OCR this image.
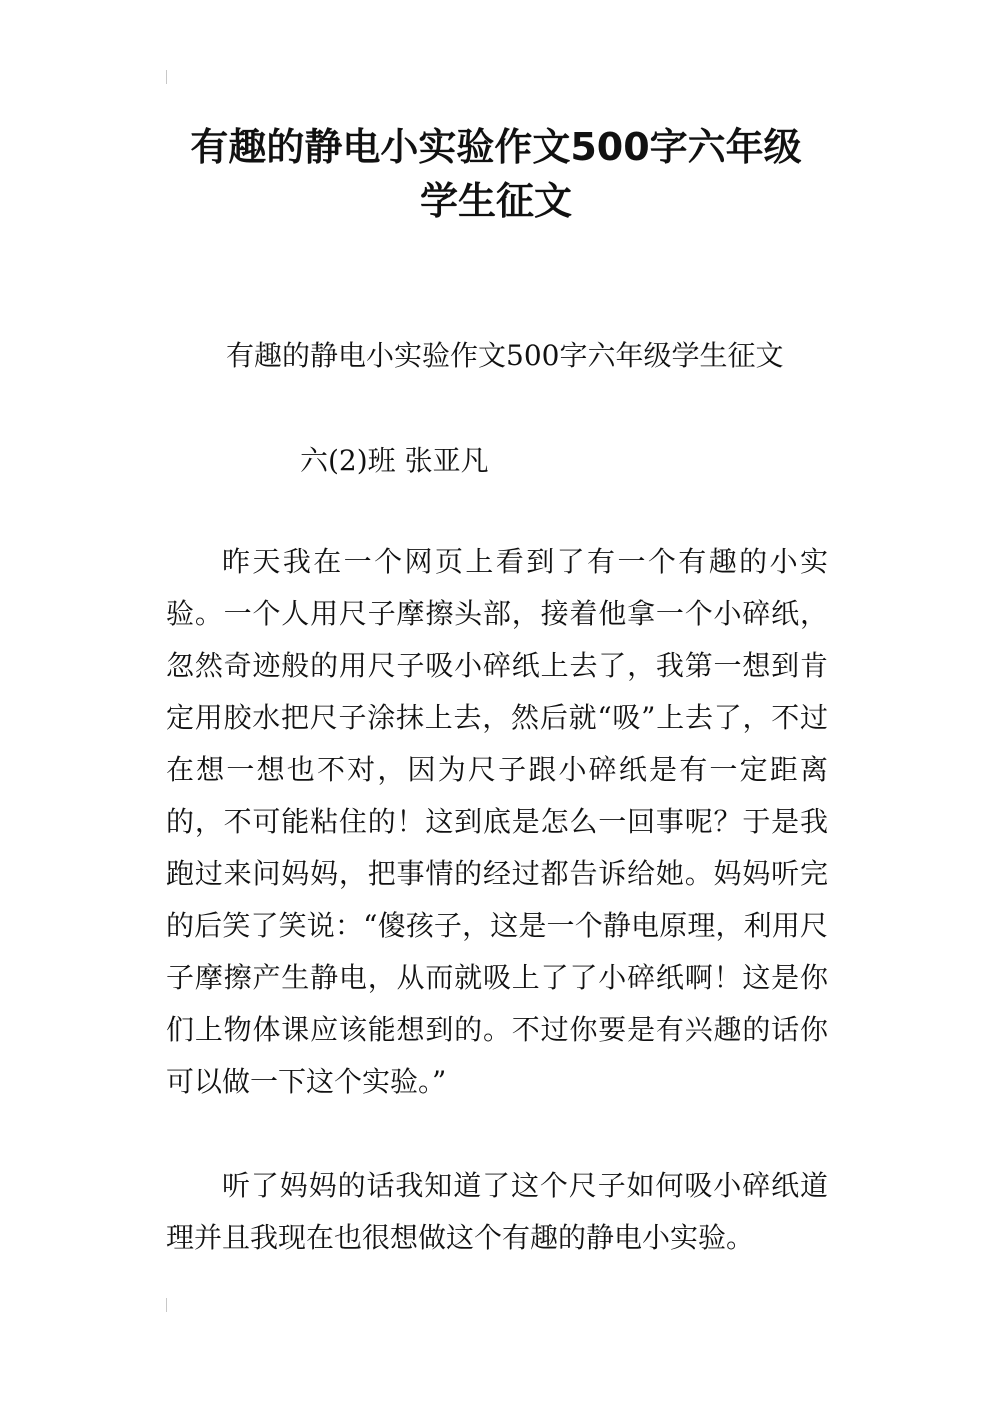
有趣的静电小实验作文500字六年级
学生征文

有趣的静电小实验作文500字六年级学生征文

六(2)班 张亚凡

昨天我在一个网页上看到了有一个有趣的小实验。一个人用尺子摩擦头部，接着他拿一个小碎纸，忽然奇迹般的用尺子吸小碎纸上去了，我第一想到肯定用胶水把尺子涂抹上去，然后就“吸”上去了，不过在想一想也不对，因为尺子跟小碎纸是有一定距离的，不可能粘住的！这到底是怎么一回事呢？于是我跑过来问妈妈，把事情的经过都告诉给她。妈妈听完的后笑了笑说：“傻孩子，这是一个静电原理，利用尺子摩擦产生静电，从而就吸上了了小碎纸啊！这是你们上物体课应该能想到的。不过你要是有兴趣的话你可以做一下这个实验。”

听了妈妈的话我知道了这个尺子如何吸小碎纸道理并且我现在也很想做这个有趣的静电小实验。
